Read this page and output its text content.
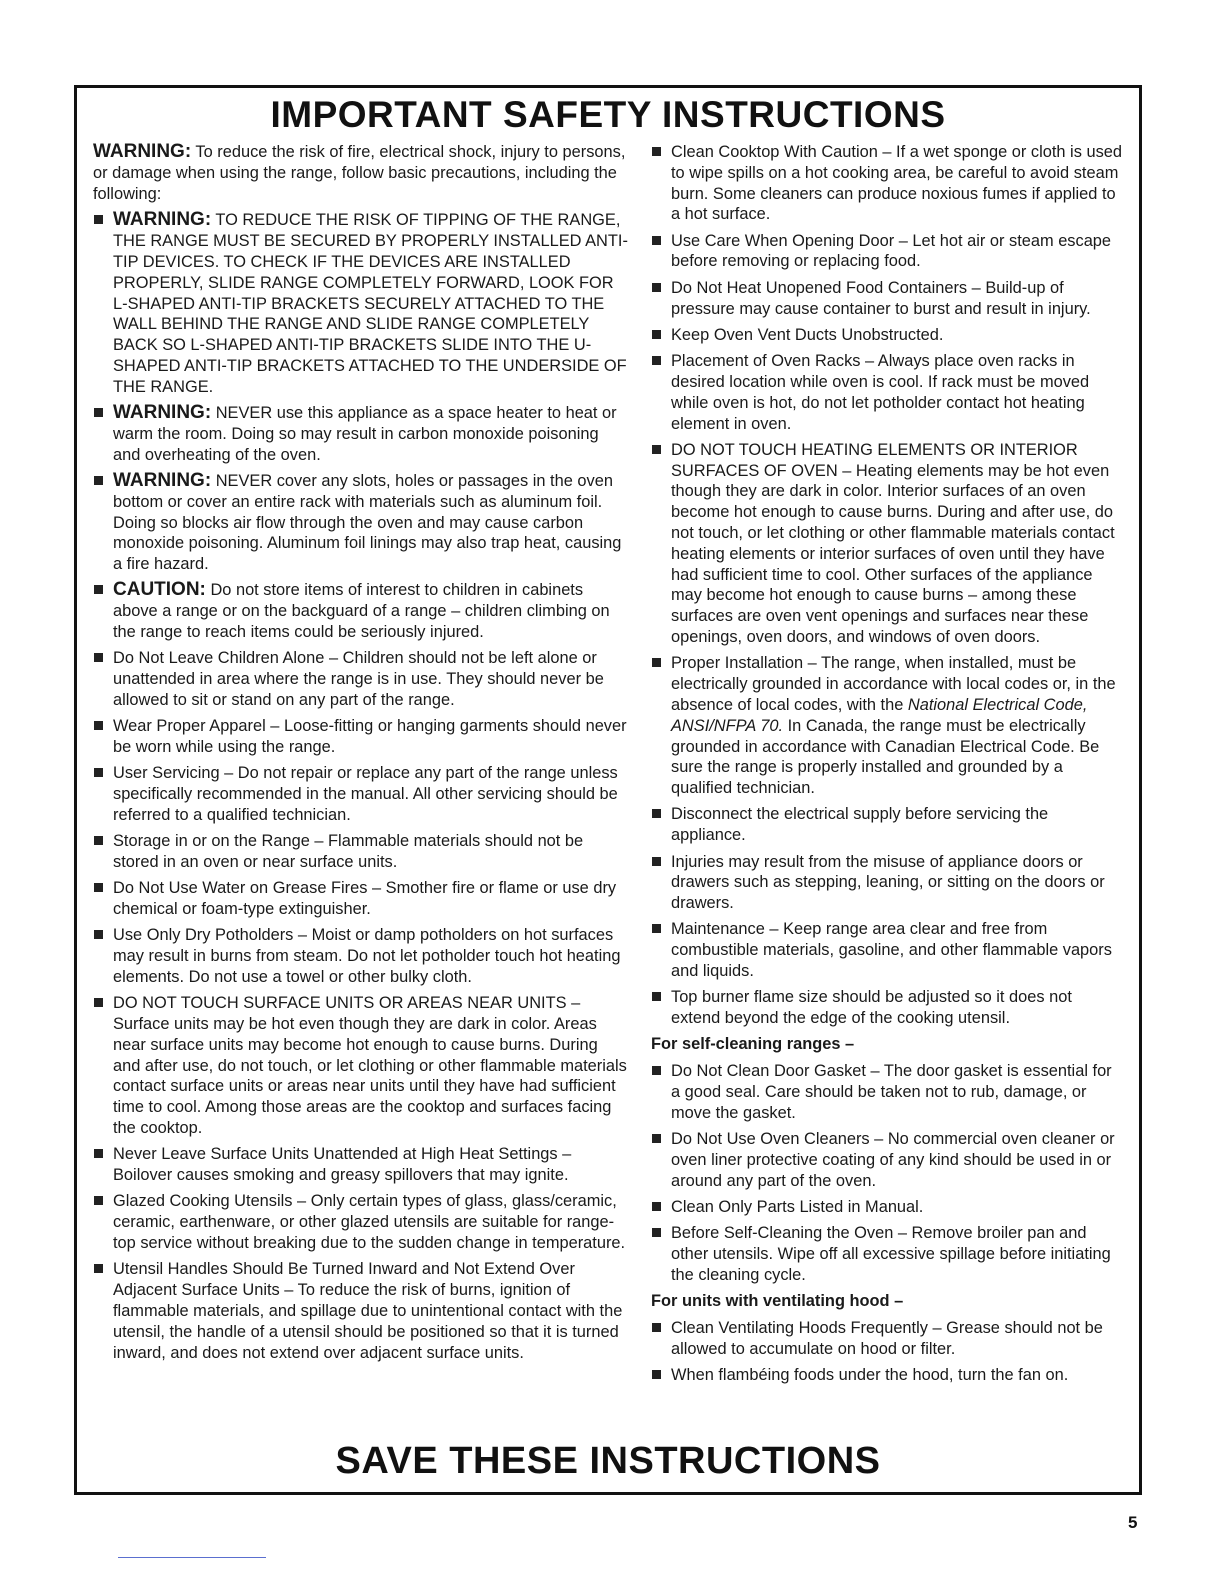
IMPORTANT SAFETY INSTRUCTIONS

WARNING: To reduce the risk of fire, electrical shock, injury to persons, or damage when using the range, follow basic precautions, including the following:

WARNING: TO REDUCE THE RISK OF TIPPING OF THE RANGE, THE RANGE MUST BE SECURED BY PROPERLY INSTALLED ANTI-TIP DEVICES. TO CHECK IF THE DEVICES ARE INSTALLED PROPERLY, SLIDE RANGE COMPLETELY FORWARD, LOOK FOR L-SHAPED ANTI-TIP BRACKETS SECURELY ATTACHED TO THE WALL BEHIND THE RANGE AND SLIDE RANGE COMPLETELY BACK SO L-SHAPED ANTI-TIP BRACKETS SLIDE INTO THE U-SHAPED ANTI-TIP BRACKETS ATTACHED TO THE UNDERSIDE OF THE RANGE.
WARNING: NEVER use this appliance as a space heater to heat or warm the room. Doing so may result in carbon monoxide poisoning and overheating of the oven.
WARNING: NEVER cover any slots, holes or passages in the oven bottom or cover an entire rack with materials such as aluminum foil. Doing so blocks air flow through the oven and may cause carbon monoxide poisoning. Aluminum foil linings may also trap heat, causing a fire hazard.
CAUTION: Do not store items of interest to children in cabinets above a range or on the backguard of a range – children climbing on the range to reach items could be seriously injured.
Do Not Leave Children Alone – Children should not be left alone or unattended in area where the range is in use. They should never be allowed to sit or stand on any part of the range.
Wear Proper Apparel – Loose-fitting or hanging garments should never be worn while using the range.
User Servicing – Do not repair or replace any part of the range unless specifically recommended in the manual. All other servicing should be referred to a qualified technician.
Storage in or on the Range – Flammable materials should not be stored in an oven or near surface units.
Do Not Use Water on Grease Fires – Smother fire or flame or use dry chemical or foam-type extinguisher.
Use Only Dry Potholders – Moist or damp potholders on hot surfaces may result in burns from steam. Do not let potholder touch hot heating elements. Do not use a towel or other bulky cloth.
DO NOT TOUCH SURFACE UNITS OR AREAS NEAR UNITS – Surface units may be hot even though they are dark in color. Areas near surface units may become hot enough to cause burns. During and after use, do not touch, or let clothing or other flammable materials contact surface units or areas near units until they have had sufficient time to cool. Among those areas are the cooktop and surfaces facing the cooktop.
Never Leave Surface Units Unattended at High Heat Settings – Boilover causes smoking and greasy spillovers that may ignite.
Glazed Cooking Utensils – Only certain types of glass, glass/ceramic, ceramic, earthenware, or other glazed utensils are suitable for range-top service without breaking due to the sudden change in temperature.
Utensil Handles Should Be Turned Inward and Not Extend Over Adjacent Surface Units – To reduce the risk of burns, ignition of flammable materials, and spillage due to unintentional contact with the utensil, the handle of a utensil should be positioned so that it is turned inward, and does not extend over adjacent surface units.
Clean Cooktop With Caution – If a wet sponge or cloth is used to wipe spills on a hot cooking area, be careful to avoid steam burn. Some cleaners can produce noxious fumes if applied to a hot surface.
Use Care When Opening Door – Let hot air or steam escape before removing or replacing food.
Do Not Heat Unopened Food Containers – Build-up of pressure may cause container to burst and result in injury.
Keep Oven Vent Ducts Unobstructed.
Placement of Oven Racks – Always place oven racks in desired location while oven is cool. If rack must be moved while oven is hot, do not let potholder contact hot heating element in oven.
DO NOT TOUCH HEATING ELEMENTS OR INTERIOR SURFACES OF OVEN – Heating elements may be hot even though they are dark in color. Interior surfaces of an oven become hot enough to cause burns. During and after use, do not touch, or let clothing or other flammable materials contact heating elements or interior surfaces of oven until they have had sufficient time to cool. Other surfaces of the appliance may become hot enough to cause burns – among these surfaces are oven vent openings and surfaces near these openings, oven doors, and windows of oven doors.
Proper Installation – The range, when installed, must be electrically grounded in accordance with local codes or, in the absence of local codes, with the National Electrical Code, ANSI/NFPA 70. In Canada, the range must be electrically grounded in accordance with Canadian Electrical Code. Be sure the range is properly installed and grounded by a qualified technician.
Disconnect the electrical supply before servicing the appliance.
Injuries may result from the misuse of appliance doors or drawers such as stepping, leaning, or sitting on the doors or drawers.
Maintenance – Keep range area clear and free from combustible materials, gasoline, and other flammable vapors and liquids.
Top burner flame size should be adjusted so it does not extend beyond the edge of the cooking utensil.
For self-cleaning ranges –
Do Not Clean Door Gasket – The door gasket is essential for a good seal. Care should be taken not to rub, damage, or move the gasket.
Do Not Use Oven Cleaners – No commercial oven cleaner or oven liner protective coating of any kind should be used in or around any part of the oven.
Clean Only Parts Listed in Manual.
Before Self-Cleaning the Oven – Remove broiler pan and other utensils. Wipe off all excessive spillage before initiating the cleaning cycle.
For units with ventilating hood –
Clean Ventilating Hoods Frequently – Grease should not be allowed to accumulate on hood or filter.
When flambéing foods under the hood, turn the fan on.
SAVE THESE INSTRUCTIONS
5
